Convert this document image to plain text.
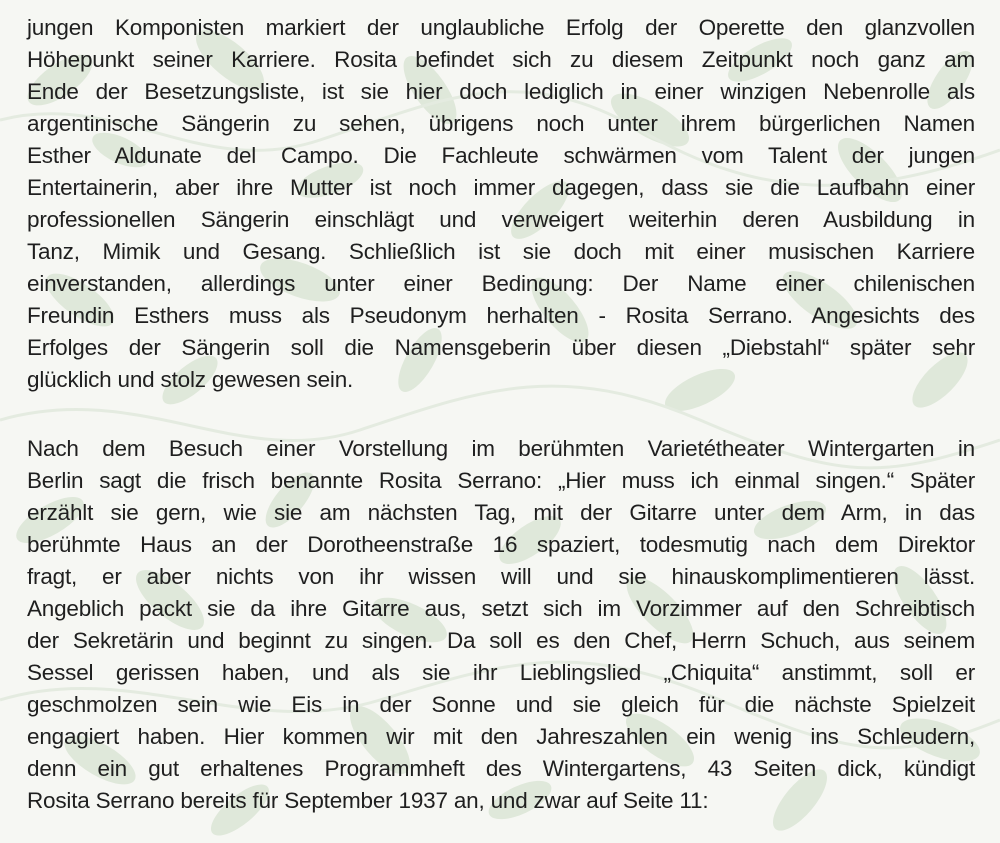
jungen Komponisten markiert der unglaubliche Erfolg der Operette den glanzvollen
Höhepunkt seiner Karriere. Rosita befindet sich zu diesem Zeitpunkt noch ganz am
Ende der Besetzungsliste, ist sie hier doch lediglich in einer winzigen Nebenrolle als
argentinische Sängerin zu sehen, übrigens noch unter ihrem bürgerlichen Namen
Esther Aldunate del Campo. Die Fachleute schwärmen vom Talent der jungen
Entertainerin, aber ihre Mutter ist noch immer dagegen, dass sie die Laufbahn einer
professionellen Sängerin einschlägt und verweigert weiterhin deren Ausbildung in
Tanz, Mimik und Gesang. Schließlich ist sie doch mit einer musischen Karriere
einverstanden, allerdings unter einer Bedingung: Der Name einer chilenischen
Freundin Esthers muss als Pseudonym herhalten - Rosita Serrano. Angesichts des
Erfolges der Sängerin soll die Namensgeberin über diesen „Diebstahl“ später sehr
glücklich und stolz gewesen sein.

Nach dem Besuch einer Vorstellung im berühmten Varietétheater Wintergarten in
Berlin sagt die frisch benannte Rosita Serrano: „Hier muss ich einmal singen.“ Später
erzählt sie gern, wie sie am nächsten Tag, mit der Gitarre unter dem Arm, in das
berühmte Haus an der Dorotheenstraße 16 spaziert, todesmutig nach dem Direktor
fragt, er aber nichts von ihr wissen will und sie hinauskomplimentieren lässt.
Angeblich packt sie da ihre Gitarre aus, setzt sich im Vorzimmer auf den Schreibtisch
der Sekretärin und beginnt zu singen. Da soll es den Chef, Herrn Schuch, aus seinem
Sessel gerissen haben, und als sie ihr Lieblingslied „Chiquita“ anstimmt, soll er
geschmolzen sein wie Eis in der Sonne und sie gleich für die nächste Spielzeit
engagiert haben. Hier kommen wir mit den Jahreszahlen ein wenig ins Schleudern,
denn ein gut erhaltenes Programmheft des Wintergartens, 43 Seiten dick, kündigt
Rosita Serrano bereits für September 1937 an, und zwar auf Seite 11:
